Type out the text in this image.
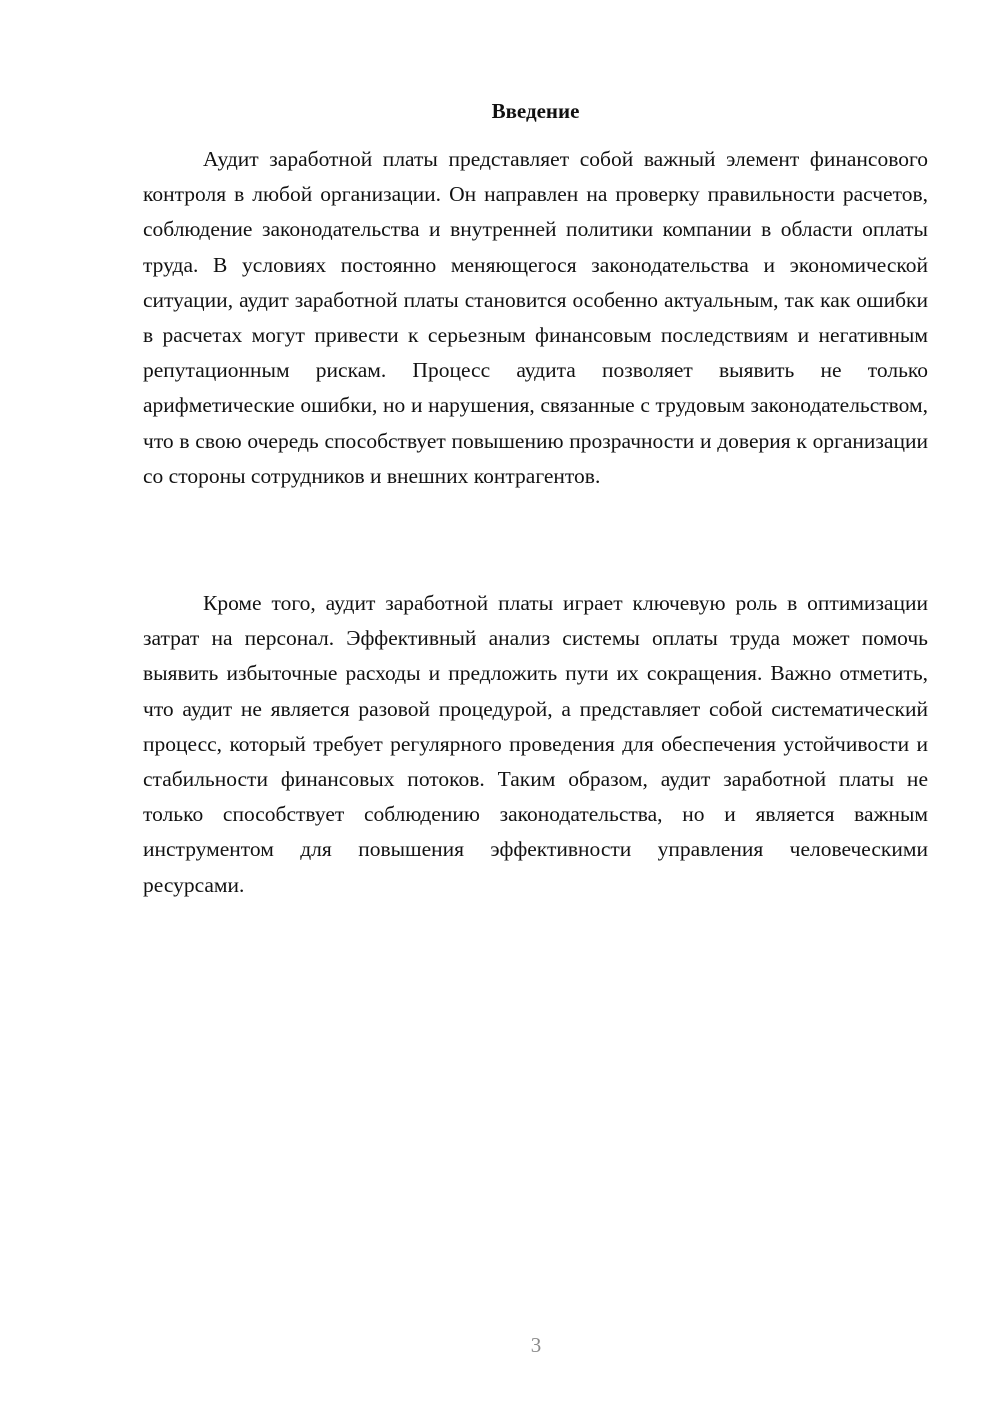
Введение

Аудит заработной платы представляет собой важный элемент финансового контроля в любой организации. Он направлен на проверку правильности расчетов, соблюдение законодательства и внутренней политики компании в области оплаты труда. В условиях постоянно меняющегося законодательства и экономической ситуации, аудит заработной платы становится особенно актуальным, так как ошибки в расчетах могут привести к серьезным финансовым последствиям и негативным репутационным рискам. Процесс аудита позволяет выявить не только арифметические ошибки, но и нарушения, связанные с трудовым законодательством, что в свою очередь способствует повышению прозрачности и доверия к организации со стороны сотрудников и внешних контрагентов.

Кроме того, аудит заработной платы играет ключевую роль в оптимизации затрат на персонал. Эффективный анализ системы оплаты труда может помочь выявить избыточные расходы и предложить пути их сокращения. Важно отметить, что аудит не является разовой процедурой, а представляет собой систематический процесс, который требует регулярного проведения для обеспечения устойчивости и стабильности финансовых потоков. Таким образом, аудит заработной платы не только способствует соблюдению законодательства, но и является важным инструментом для повышения эффективности управления человеческими ресурсами.

3
